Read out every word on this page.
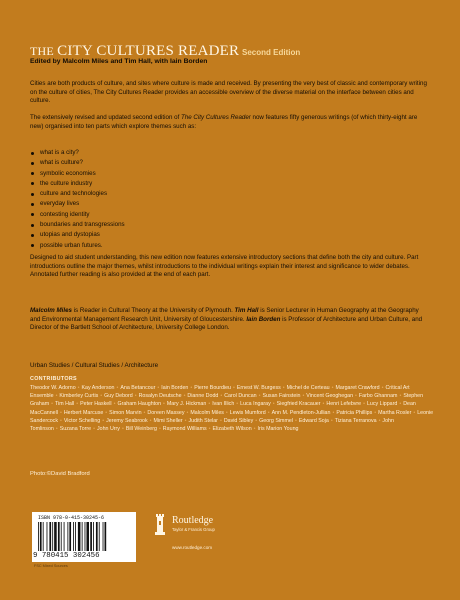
THE CITY CULTURES READER Second Edition
Edited by Malcolm Miles and Tim Hall, with Iain Borden
Cities are both products of culture, and sites where culture is made and received. By presenting the very best of classic and contemporary writing on the culture of cities, The City Cultures Reader provides an accessible overview of the diverse material on the interface between cities and culture.
The extensively revised and updated second edition of The City Cultures Reader now features fifty generous writings (of which thirty-eight are new) organised into ten parts which explore themes such as:
what is a city?
what is culture?
symbolic economies
the culture industry
culture and technologies
everyday lives
contesting identity
boundaries and transgressions
utopias and dystopias
possible urban futures.
Designed to aid student understanding, this new edition now features extensive introductory sections that define both the city and culture. Part introductions outline the major themes, whilst introductions to the individual writings explain their interest and significance to wider debates. Annotated further reading is also provided at the end of each part.
Malcolm Miles is Reader in Cultural Theory at the University of Plymouth. Tim Hall is Senior Lecturer in Human Geography at the Geography and Environmental Management Research Unit, University of Gloucestershire. Iain Borden is Professor of Architecture and Urban Culture, and Director of the Bartlett School of Architecture, University College London.
Urban Studies / Cultural Studies / Architecture
CONTRIBUTORS
Theodor W. Adorno • Kay Anderson • Ana Betancour • Iain Borden • Pierre Bourdieu • Ernest W. Burgess • Michel de Certeau • Margaret Crawford • Critical Art Ensemble • Kimberley Curtis • Guy Debord • Rosalyn Deutsche • Dianne Dodd • Carol Duncan • Susan Fainstein • Vincent Geoghegan • Farbo Ghannam • Stephen Graham • Tim Hall • Peter Haskell • Graham Haughton • Mary J. Hickman • Ivan Illich • Luca Ingaray • Siegfried Kracauer • Henri Lefebvre • Lucy Lippard • Dean MacCannell • Herbert Marcuse • Simon Marvin • Doreen Massey • Malcolm Miles • Lewis Mumford • Ann M. Pendleton-Jullian • Patricia Phillips • Martha Rosler • Leonie Sandercock • Victor Schelling • Jeremy Seabrook • Mimi Sheller • Judith Stelar • David Sibley • Georg Simmel • Edward Soja • Tiziana Terranova • John Tomlinson • Suzana Torre • John Urry • Bill Weinberg • Raymond Williams • Elizabeth Wilson • Iris Marion Young
Photo:©David Bradford
ISBN 978-0-415-30245-6
9 780415 302456
FSC Mixed Sources
Routledge
Taylor & Francis Group
www.routledge.com
